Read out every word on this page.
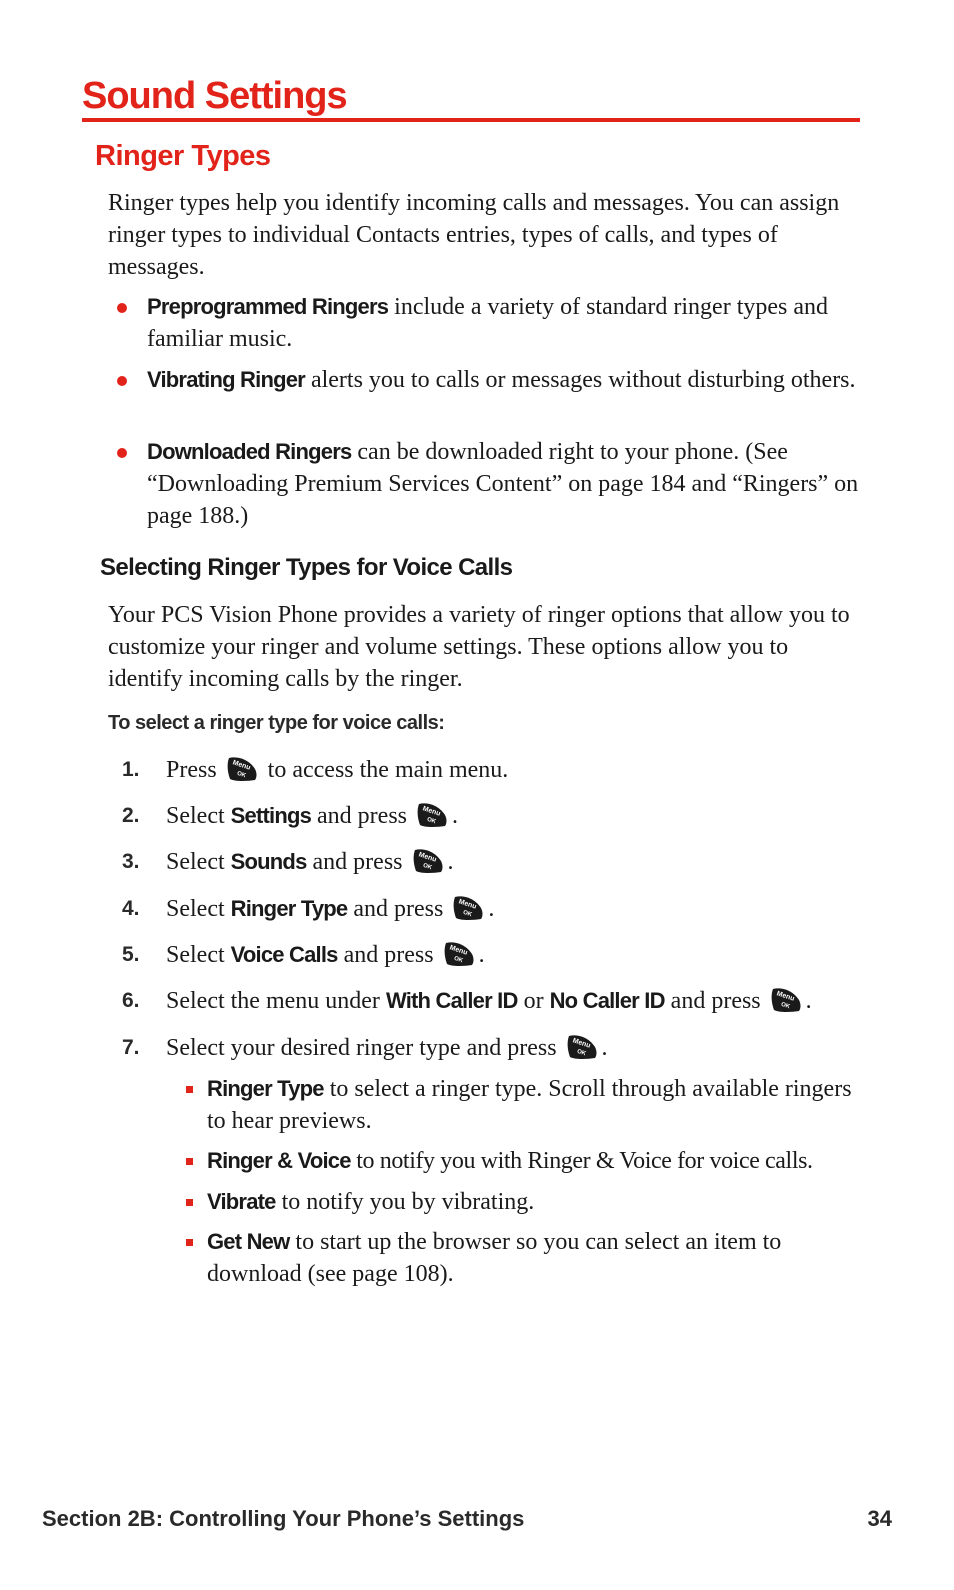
Sound Settings
Ringer Types

Ringer types help you identify incoming calls and messages. You can assign ringer types to individual Contacts entries, types of calls, and types of messages.

Preprogrammed Ringers include a variety of standard ringer types and familiar music.
Vibrating Ringer alerts you to calls or messages without disturbing others.
Downloaded Ringers can be downloaded right to your phone. (See “Downloading Premium Services Content” on page 184 and “Ringers” on page 188.)
Selecting Ringer Types for Voice Calls

Your PCS Vision Phone provides a variety of ringer options that allow you to customize your ringer and volume settings. These options allow you to identify incoming calls by the ringer.

To select a ringer type for voice calls:
1. Press Menu
OK to access the main menu.
2. Select Settings and press Menu
OK .
3. Select Sounds and press Menu
OK .
4. Select Ringer Type and press Menu
OK .
5. Select Voice Calls and press Menu
OK .
6. Select the menu under With Caller ID or No Caller ID and press Menu
OK .
7. Select your desired ringer type and press Menu
OK .
Ringer Type to select a ringer type. Scroll through available ringers to hear previews.
Ringer & Voice to notify you with Ringer & Voice for voice calls.
Vibrate to notify you by vibrating.
Get New to start up the browser so you can select an item to download (see page 108).
Section 2B: Controlling Your Phone’s Settings	34
